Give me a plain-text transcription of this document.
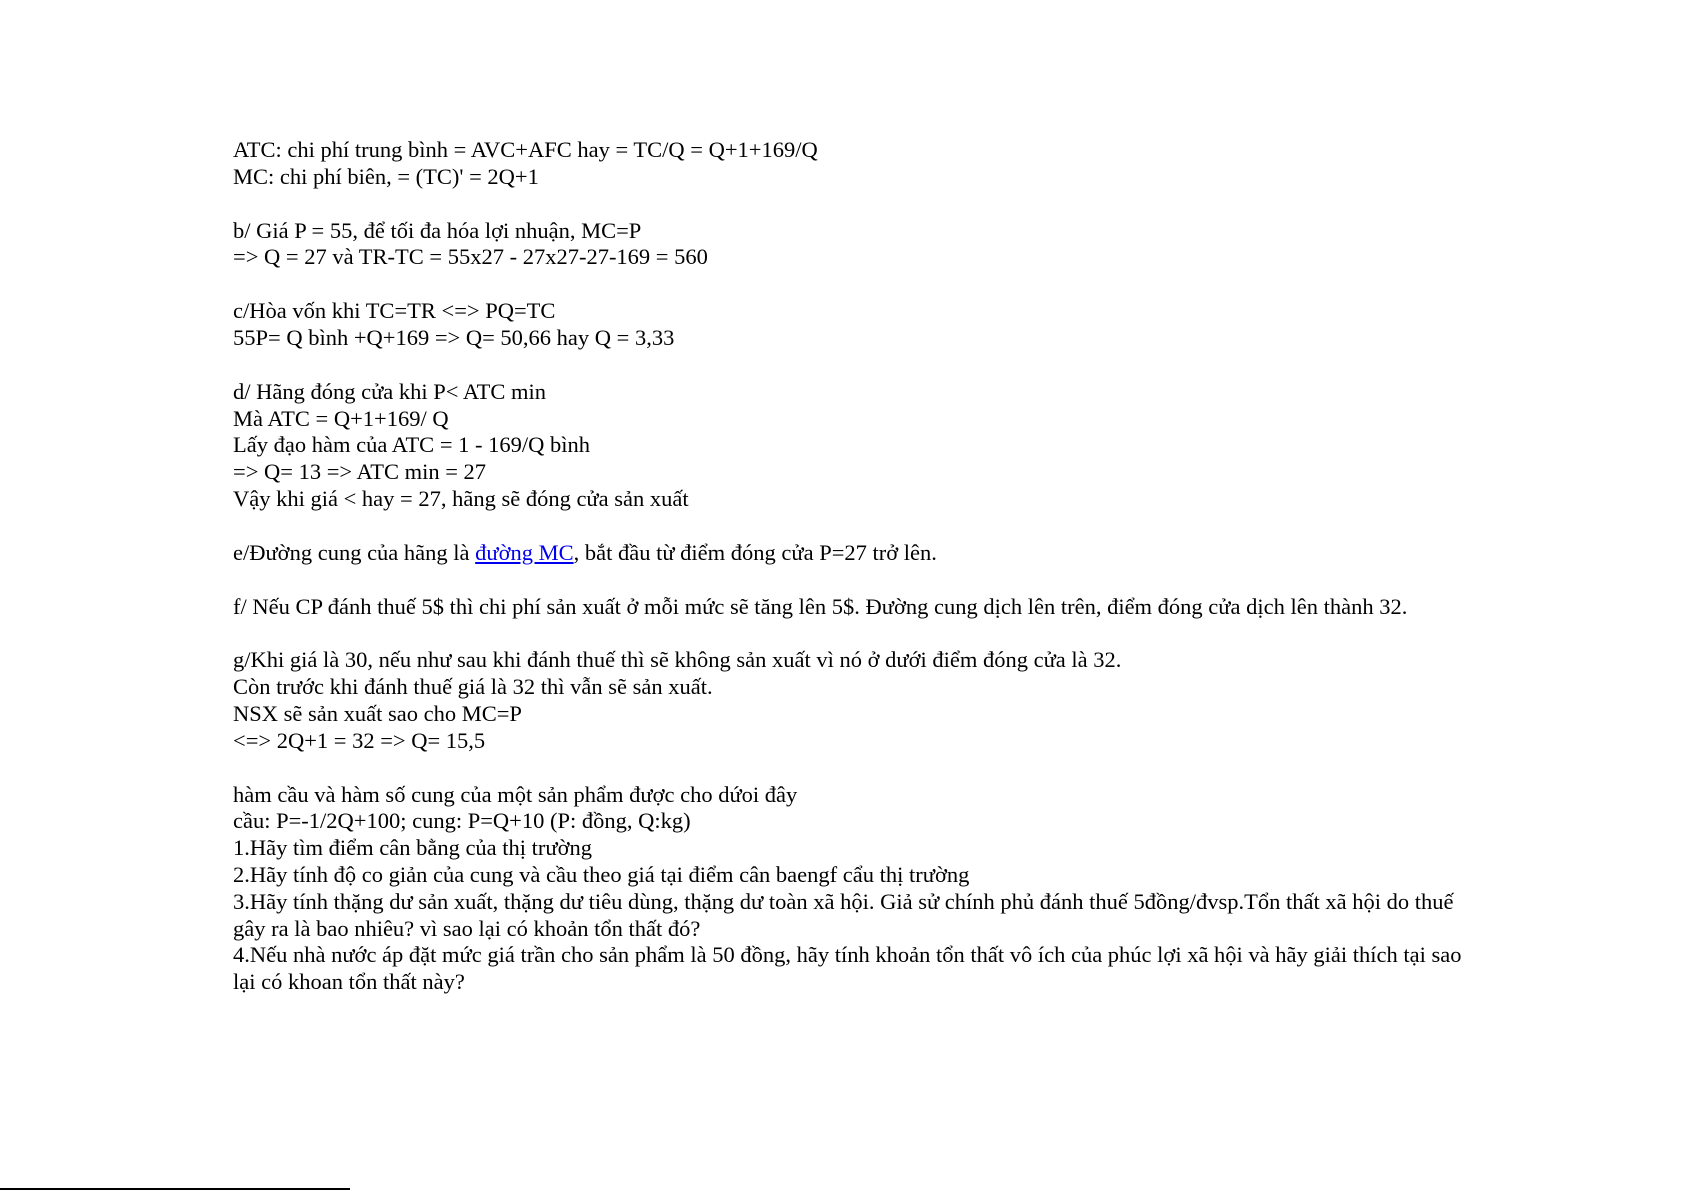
ATC: chi phí trung bình = AVC+AFC hay = TC/Q = Q+1+169/Q
MC: chi phí biên, = (TC)' = 2Q+1
b/ Giá P = 55, để tối đa hóa lợi nhuận, MC=P
=> Q = 27 và TR-TC = 55x27 - 27x27-27-169 = 560
c/Hòa vốn khi TC=TR <=> PQ=TC
55P= Q bình +Q+169 => Q= 50,66 hay Q = 3,33
d/ Hãng đóng cửa khi P< ATC min
Mà ATC = Q+1+169/ Q
Lấy đạo hàm của ATC = 1 - 169/Q bình
=> Q= 13 => ATC min = 27
Vậy khi giá < hay = 27, hãng sẽ đóng cửa sản xuất
e/Đường cung của hãng là đường MC, bắt đầu từ điểm đóng cửa P=27 trở lên.
f/ Nếu CP đánh thuế 5$ thì chi phí sản xuất ở mỗi mức sẽ tăng lên 5$. Đường cung dịch lên trên, điểm đóng cửa dịch lên thành 32.
g/Khi giá là 30, nếu như sau khi đánh thuế thì sẽ không sản xuất vì nó ở dưới điểm đóng cửa là 32.
Còn trước khi đánh thuế giá là 32 thì vẫn sẽ sản xuất.
NSX sẽ sản xuất sao cho MC=P
<=> 2Q+1 = 32 => Q= 15,5
hàm cầu và hàm số cung của một sản phẩm được cho dứoi đây
cầu: P=-1/2Q+100; cung: P=Q+10 (P: đồng, Q:kg)
1.Hãy tìm điểm cân bằng của thị trường
2.Hãy tính độ co giản của cung và cầu theo giá tại điểm cân baengf cẩu thị trường
3.Hãy tính thặng dư sản xuất, thặng dư tiêu dùng, thặng dư toàn xã hội. Giả sử chính phủ đánh thuế 5đồng/đvsp.Tổn thất xã hội do thuế gây ra là bao nhiêu? vì sao lại có khoản tổn thất đó?
4.Nếu nhà nước áp đặt mức giá trần cho sản phẩm là 50 đồng, hãy tính khoản tổn thất vô ích của phúc lợi xã hội và hãy giải thích tại sao lại có khoan tổn thất này?
